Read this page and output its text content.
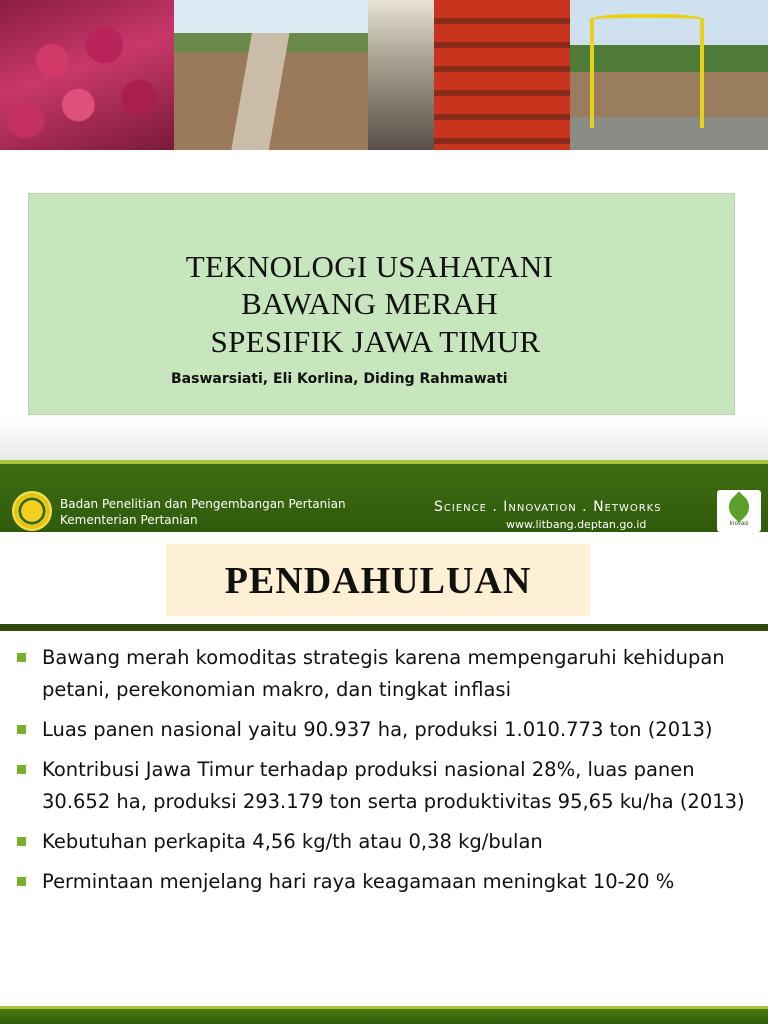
TEKNOLOGI USAHATANI
BAWANG MERAH
SPESIFIK JAWA TIMUR
Baswarsiati, Eli Korlina, Diding Rahmawati
Badan Penelitian dan Pengembangan Pertanian
Kementerian Pertanian
Science . Innovation . Networks
www.litbang.deptan.go.id	Inovasi
PENDAHULUAN
Bawang merah komoditas strategis karena mempengaruhi kehidupan petani, perekonomian makro, dan tingkat inflasi
Luas panen nasional yaitu 90.937 ha, produksi 1.010.773 ton (2013)
Kontribusi Jawa Timur terhadap produksi nasional 28%, luas panen 30.652 ha, produksi 293.179 ton serta produktivitas 95,65 ku/ha (2013)
Kebutuhan perkapita 4,56 kg/th atau 0,38 kg/bulan
Permintaan menjelang hari raya keagamaan meningkat 10-20 %
